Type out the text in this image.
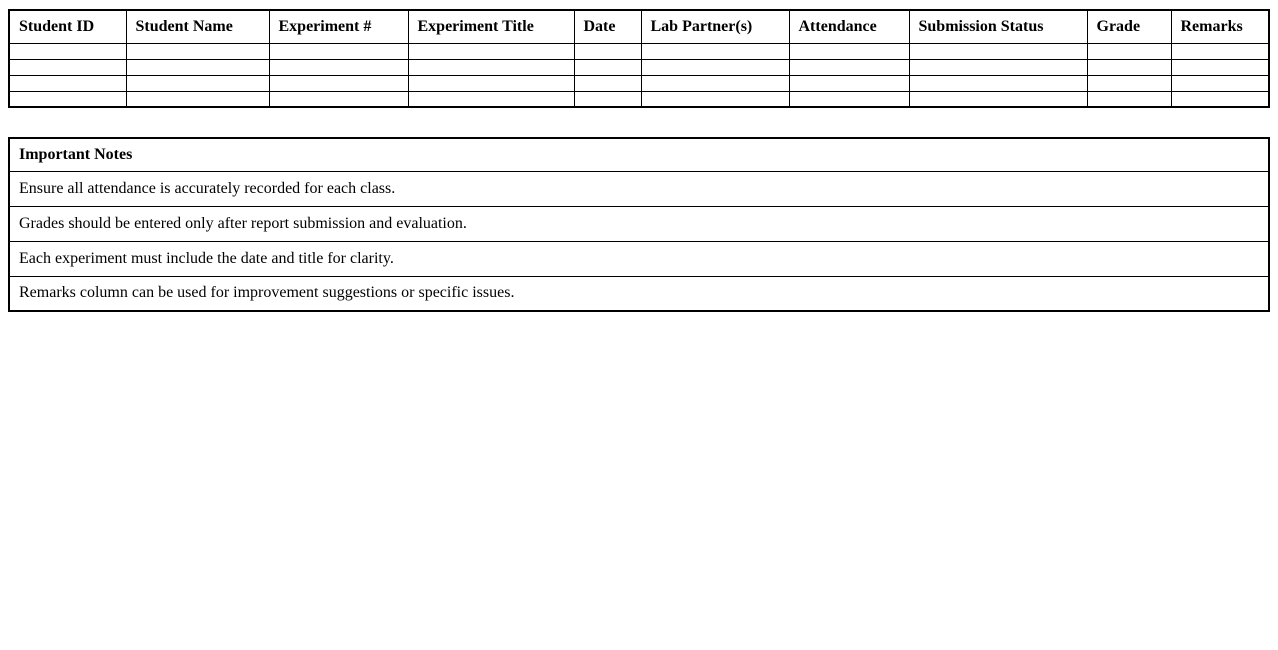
Student ID	Student Name	Experiment #	Experiment Title	Date	Lab Partner(s)	Attendance	Submission Status	Grade	Remarks

Important Notes
Ensure all attendance is accurately recorded for each class.
Grades should be entered only after report submission and evaluation.
Each experiment must include the date and title for clarity.
Remarks column can be used for improvement suggestions or specific issues.
